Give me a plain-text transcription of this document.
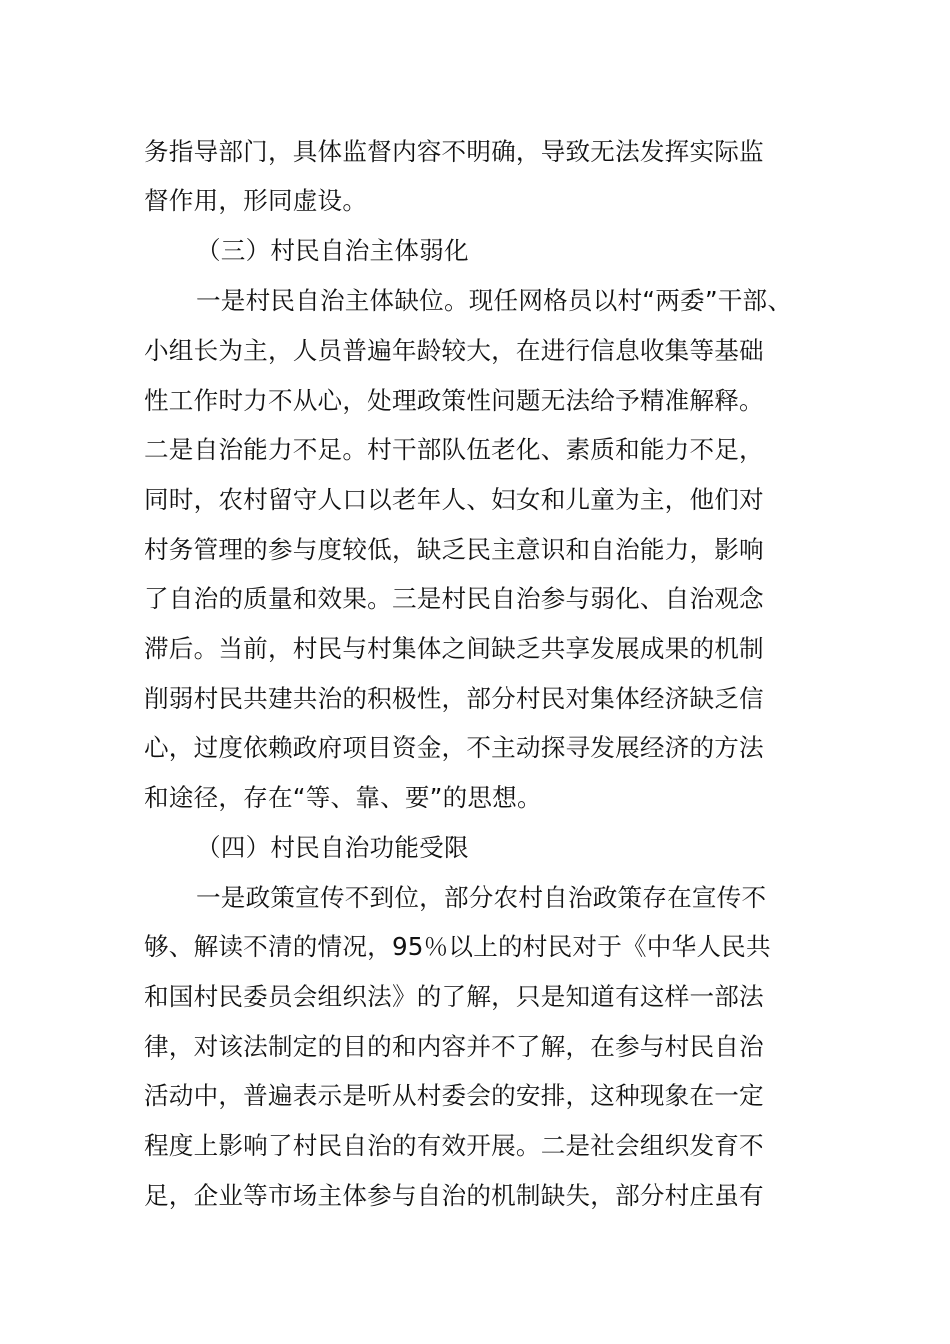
务指导部门，具体监督内容不明确，导致无法发挥实际监
督作用，形同虚设。
（三）村民自治主体弱化
一是村民自治主体缺位。现任网格员以村“两委”干部、
小组长为主，人员普遍年龄较大，在进行信息收集等基础
性工作时力不从心，处理政策性问题无法给予精准解释。
二是自治能力不足。村干部队伍老化、素质和能力不足，
同时，农村留守人口以老年人、妇女和儿童为主，他们对
村务管理的参与度较低，缺乏民主意识和自治能力，影响
了自治的质量和效果。三是村民自治参与弱化、自治观念
滞后。当前，村民与村集体之间缺乏共享发展成果的机制
削弱村民共建共治的积极性，部分村民对集体经济缺乏信
心，过度依赖政府项目资金，不主动探寻发展经济的方法
和途径，存在“等、靠、要”的思想。
（四）村民自治功能受限
一是政策宣传不到位，部分农村自治政策存在宣传不
够、解读不清的情况，95％以上的村民对于《中华人民共
和国村民委员会组织法》的了解，只是知道有这样一部法
律，对该法制定的目的和内容并不了解，在参与村民自治
活动中，普遍表示是听从村委会的安排，这种现象在一定
程度上影响了村民自治的有效开展。二是社会组织发育不
足，企业等市场主体参与自治的机制缺失，部分村庄虽有
